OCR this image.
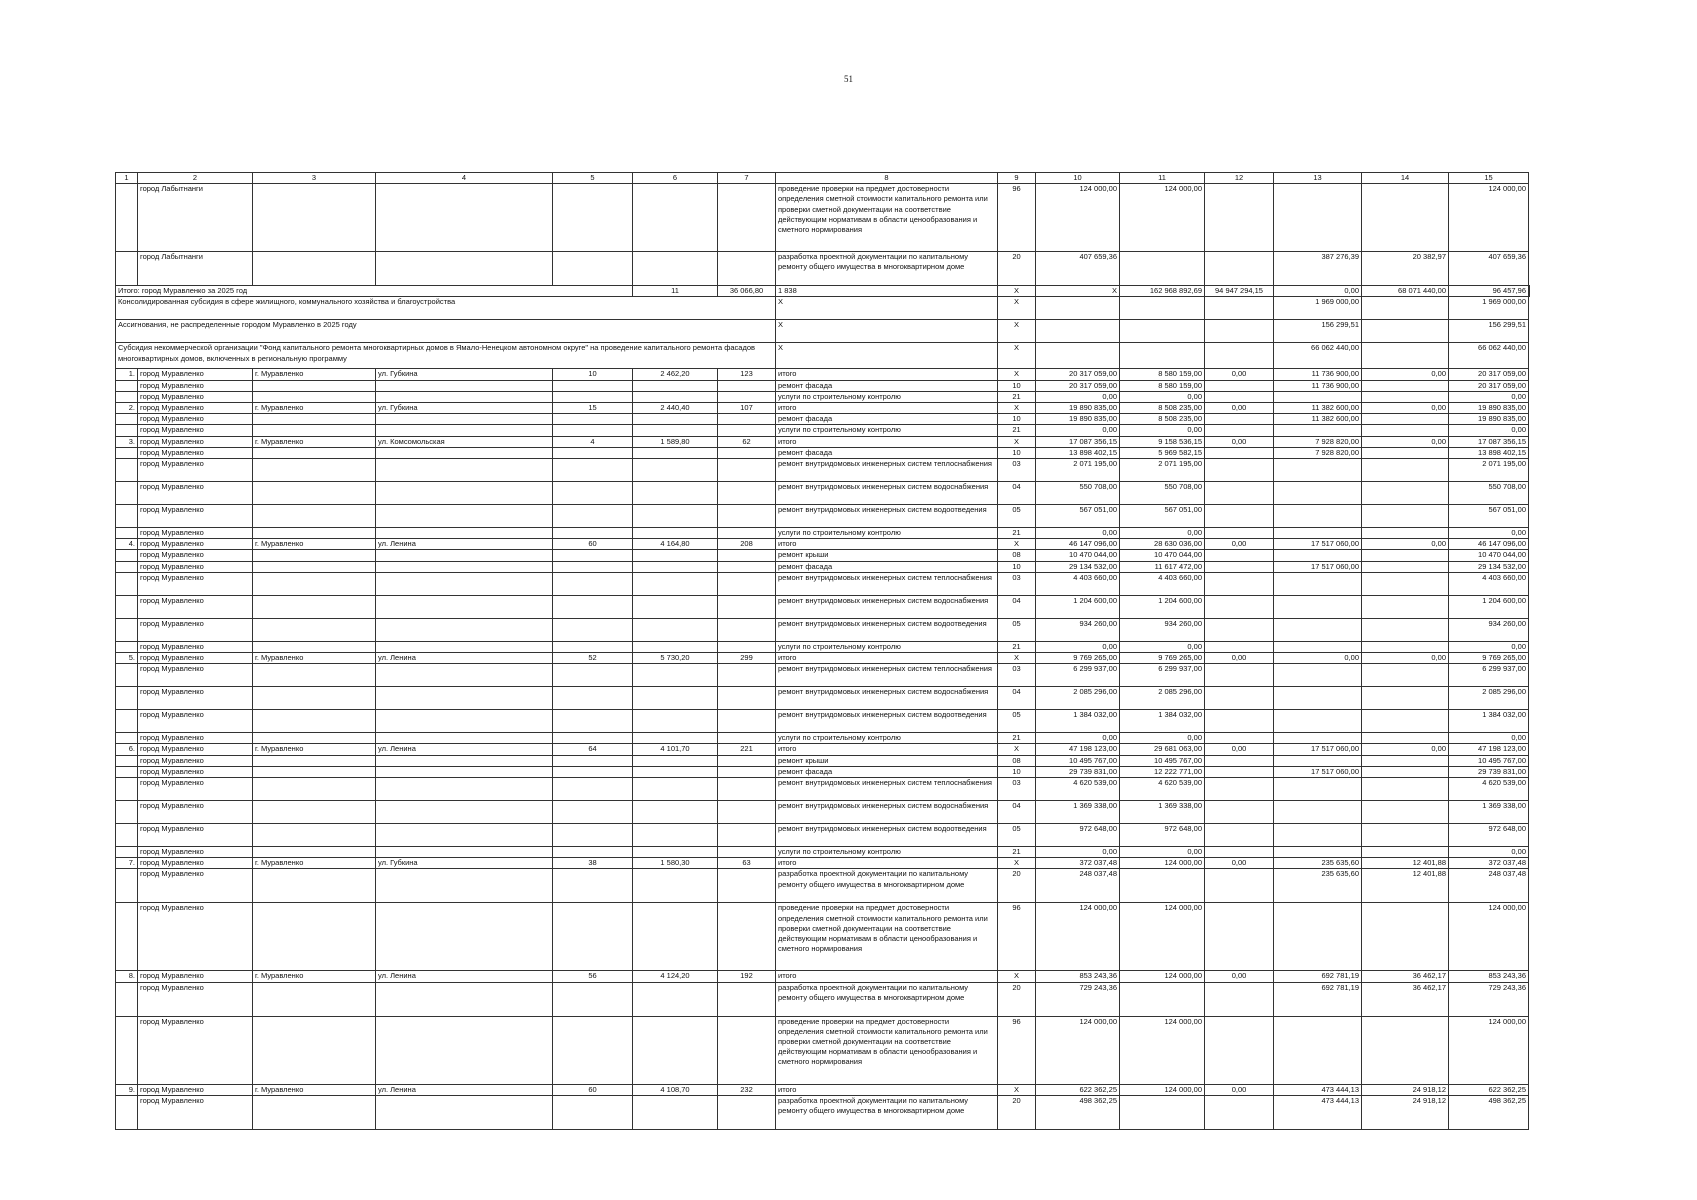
51
1	2	3	4	5	6	7	8	9	10	11	12	13	14	15	
	город Лабытнанги						проведение проверки на предмет достоверности определения сметной стоимости капитального ремонта или проверки сметной документации на соответствие действующим нормативам в области ценообразования и сметного нормирования	96	124 000,00	124 000,00				124 000,00	
	город Лабытнанги						разработка проектной документации по капитальному ремонту общего имущества в многоквартирном доме	20	407 659,36			387 276,39	20 382,97	407 659,36	
Итого: город Муравленко за 2025 год					11	36 066,80	1 838	Х	Х	162 968 892,69	94 947 294,15	0,00	68 071 440,00	96 457,96	
Консолидированная субсидия в сфере жилищного, коммунального хозяйства и благоустройства							Х	Х				1 969 000,00		1 969 000,00	
Ассигнования, не распределенные городом Муравленко в 2025 году							Х	Х				156 299,51		156 299,51	
Субсидия некоммерческой организации "Фонд капитального ремонта многоквартирных домов в Ямало-Ненецком автономном округе" на проведение капитального ремонта фасадов многоквартирных домов, включенных в региональную программу							Х	Х				66 062 440,00		66 062 440,00	
1.	город Муравленко	г. Муравленко	ул. Губкина	10	2 462,20	123	итого	Х	20 317 059,00	8 580 159,00	0,00	11 736 900,00	0,00	20 317 059,00	
	город Муравленко						ремонт фасада	10	20 317 059,00	8 580 159,00		11 736 900,00		20 317 059,00	
	город Муравленко						услуги по строительному контролю	21	0,00	0,00				0,00	
2.	город Муравленко	г. Муравленко	ул. Губкина	15	2 440,40	107	итого	Х	19 890 835,00	8 508 235,00	0,00	11 382 600,00	0,00	19 890 835,00	
	город Муравленко						ремонт фасада	10	19 890 835,00	8 508 235,00		11 382 600,00		19 890 835,00	
	город Муравленко						услуги по строительному контролю	21	0,00	0,00				0,00	
3.	город Муравленко	г. Муравленко	ул. Комсомольская	4	1 589,80	62	итого	Х	17 087 356,15	9 158 536,15	0,00	7 928 820,00	0,00	17 087 356,15	
	город Муравленко						ремонт фасада	10	13 898 402,15	5 969 582,15		7 928 820,00		13 898 402,15	
	город Муравленко						ремонт внутридомовых инженерных систем теплоснабжения	03	2 071 195,00	2 071 195,00				2 071 195,00	
	город Муравленко						ремонт внутридомовых инженерных систем водоснабжения	04	550 708,00	550 708,00				550 708,00	
	город Муравленко						ремонт внутридомовых инженерных систем водоотведения	05	567 051,00	567 051,00				567 051,00	
	город Муравленко						услуги по строительному контролю	21	0,00	0,00				0,00	
4.	город Муравленко	г. Муравленко	ул. Ленина	60	4 164,80	208	итого	Х	46 147 096,00	28 630 036,00	0,00	17 517 060,00	0,00	46 147 096,00	
	город Муравленко						ремонт крыши	08	10 470 044,00	10 470 044,00				10 470 044,00	
	город Муравленко						ремонт фасада	10	29 134 532,00	11 617 472,00		17 517 060,00		29 134 532,00	
	город Муравленко						ремонт внутридомовых инженерных систем теплоснабжения	03	4 403 660,00	4 403 660,00				4 403 660,00	
	город Муравленко						ремонт внутридомовых инженерных систем водоснабжения	04	1 204 600,00	1 204 600,00				1 204 600,00	
	город Муравленко						ремонт внутридомовых инженерных систем водоотведения	05	934 260,00	934 260,00				934 260,00	
	город Муравленко						услуги по строительному контролю	21	0,00	0,00				0,00	
5.	город Муравленко	г. Муравленко	ул. Ленина	52	5 730,20	299	итого	Х	9 769 265,00	9 769 265,00	0,00	0,00	0,00	9 769 265,00	
	город Муравленко						ремонт внутридомовых инженерных систем теплоснабжения	03	6 299 937,00	6 299 937,00				6 299 937,00	
	город Муравленко						ремонт внутридомовых инженерных систем водоснабжения	04	2 085 296,00	2 085 296,00				2 085 296,00	
	город Муравленко						ремонт внутридомовых инженерных систем водоотведения	05	1 384 032,00	1 384 032,00				1 384 032,00	
	город Муравленко						услуги по строительному контролю	21	0,00	0,00				0,00	
6.	город Муравленко	г. Муравленко	ул. Ленина	64	4 101,70	221	итого	Х	47 198 123,00	29 681 063,00	0,00	17 517 060,00	0,00	47 198 123,00	
	город Муравленко						ремонт крыши	08	10 495 767,00	10 495 767,00				10 495 767,00	
	город Муравленко						ремонт фасада	10	29 739 831,00	12 222 771,00		17 517 060,00		29 739 831,00	
	город Муравленко						ремонт внутридомовых инженерных систем теплоснабжения	03	4 620 539,00	4 620 539,00				4 620 539,00	
	город Муравленко						ремонт внутридомовых инженерных систем водоснабжения	04	1 369 338,00	1 369 338,00				1 369 338,00	
	город Муравленко						ремонт внутридомовых инженерных систем водоотведения	05	972 648,00	972 648,00				972 648,00	
	город Муравленко						услуги по строительному контролю	21	0,00	0,00				0,00	
7.	город Муравленко	г. Муравленко	ул. Губкина	38	1 580,30	63	итого	Х	372 037,48	124 000,00	0,00	235 635,60	12 401,88	372 037,48	
	город Муравленко						разработка проектной документации по капитальному ремонту общего имущества в многоквартирном доме	20	248 037,48			235 635,60	12 401,88	248 037,48	
	город Муравленко						проведение проверки на предмет достоверности определения сметной стоимости капитального ремонта или проверки сметной документации на соответствие действующим нормативам в области ценообразования и сметного нормирования	96	124 000,00	124 000,00				124 000,00	
8.	город Муравленко	г. Муравленко	ул. Ленина	56	4 124,20	192	итого	Х	853 243,36	124 000,00	0,00	692 781,19	36 462,17	853 243,36	
	город Муравленко						разработка проектной документации по капитальному ремонту общего имущества в многоквартирном доме	20	729 243,36			692 781,19	36 462,17	729 243,36	
	город Муравленко						проведение проверки на предмет достоверности определения сметной стоимости капитального ремонта или проверки сметной документации на соответствие действующим нормативам в области ценообразования и сметного нормирования	96	124 000,00	124 000,00				124 000,00	
9.	город Муравленко	г. Муравленко	ул. Ленина	60	4 108,70	232	итого	Х	622 362,25	124 000,00	0,00	473 444,13	24 918,12	622 362,25	
	город Муравленко						разработка проектной документации по капитальному ремонту общего имущества в многоквартирном доме	20	498 362,25			473 444,13	24 918,12	498 362,25	
